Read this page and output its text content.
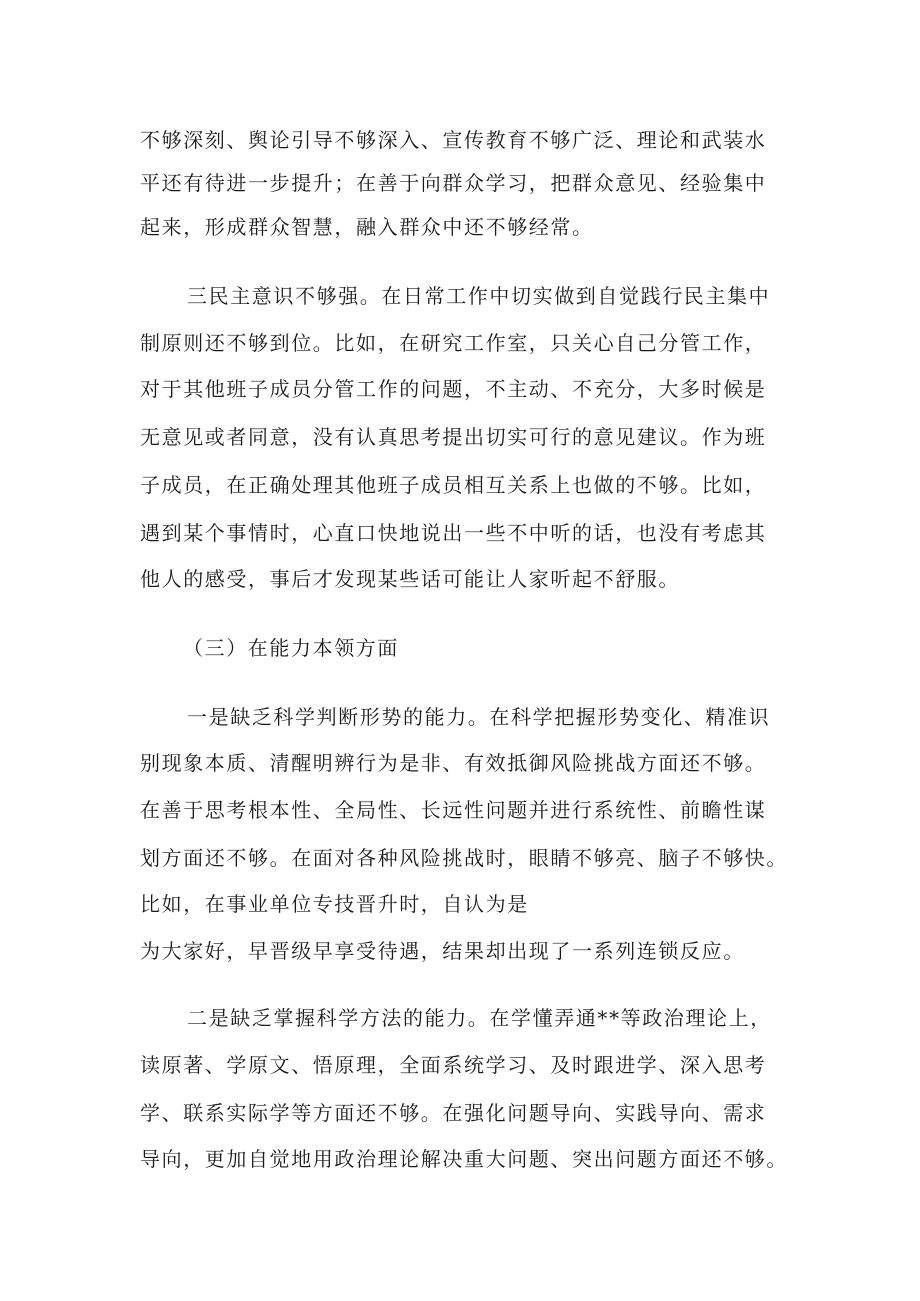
不够深刻、舆论引导不够深入、宣传教育不够广泛、理论和武装水
平还有待进一步提升；在善于向群众学习，把群众意见、经验集中
起来，形成群众智慧，融入群众中还不够经常。
三民主意识不够强。在日常工作中切实做到自觉践行民主集中
制原则还不够到位。比如，在研究工作室，只关心自己分管工作，
对于其他班子成员分管工作的问题，不主动、不充分，大多时候是
无意见或者同意，没有认真思考提出切实可行的意见建议。作为班
子成员，在正确处理其他班子成员相互关系上也做的不够。比如，
遇到某个事情时，心直口快地说出一些不中听的话，也没有考虑其
他人的感受，事后才发现某些话可能让人家听起不舒服。
（三）在能力本领方面
一是缺乏科学判断形势的能力。在科学把握形势变化、精准识
别现象本质、清醒明辨行为是非、有效抵御风险挑战方面还不够。
在善于思考根本性、全局性、长远性问题并进行系统性、前瞻性谋
划方面还不够。在面对各种风险挑战时，眼睛不够亮、脑子不够快。
比如，在事业单位专技晋升时，自认为是
为大家好，早晋级早享受待遇，结果却出现了一系列连锁反应。
二是缺乏掌握科学方法的能力。在学懂弄通**等政治理论上，
读原著、学原文、悟原理，全面系统学习、及时跟进学、深入思考
学、联系实际学等方面还不够。在强化问题导向、实践导向、需求
导向，更加自觉地用政治理论解决重大问题、突出问题方面还不够。
